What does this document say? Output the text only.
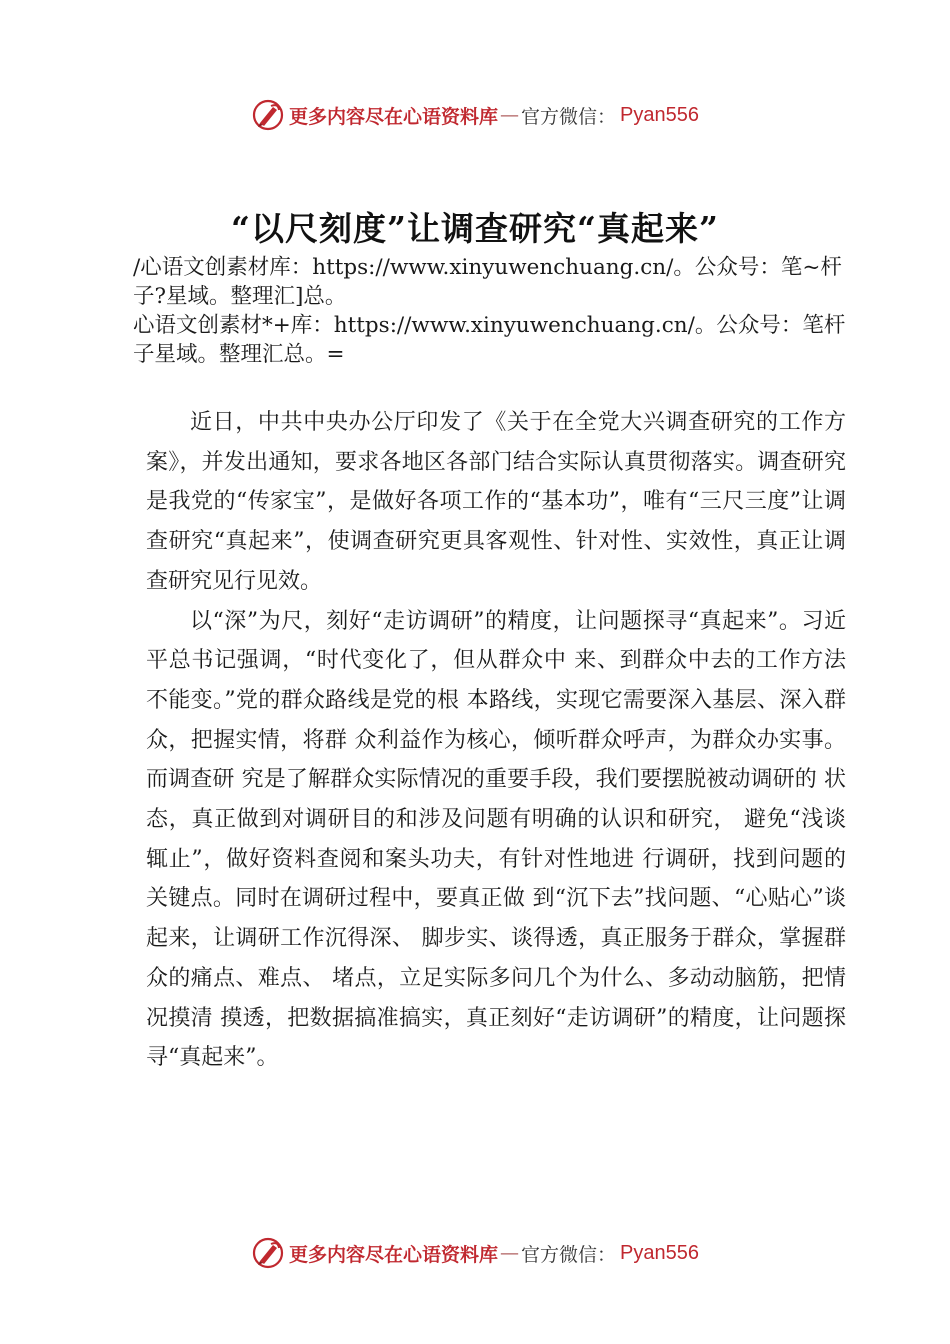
更多内容尽在心语资料库 — 官方微信： Pyan556
“以尺刻度”让调查研究“真起来”
/心语文创素材库：https://www.xinyuwenchuang.cn/。公众号：笔~杆子?星域。整理汇]总。
心语文创素材*+库：https://www.xinyuwenchuang.cn/。公众号：笔杆子星域。整理汇总。=

近日，中共中央办公厅印发了《关于在全党大兴调查研究的工作方案》，并发出通知，要求各地区各部门结合实际认真贯彻落实。调查研究是我党的“传家宝”，是做好各项工作的“基本功”，唯有“三尺三度”让调查研究“真起来”，使调查研究更具客观性、针对性、实效性，真正让调查研究见行见效。

以“深”为尺，刻好“走访调研”的精度，让问题探寻“真起来”。习近平总书记强调，“时代变化了，但从群众中 来、到群众中去的工作方法不能变。”党的群众路线是党的根 本路线，实现它需要深入基层、深入群众，把握实情，将群 众利益作为核心，倾听群众呼声，为群众办实事。而调查研 究是了解群众实际情况的重要手段，我们要摆脱被动调研的 状态，真正做到对调研目的和涉及问题有明确的认识和研究， 避免“浅谈辄止”，做好资料查阅和案头功夫，有针对性地进 行调研，找到问题的关键点。同时在调研过程中，要真正做 到“沉下去”找问题、“心贴心”谈起来，让调研工作沉得深、 脚步实、谈得透，真正服务于群众，掌握群众的痛点、难点、 堵点，立足实际多问几个为什么、多动动脑筋，把情况摸清 摸透，把数据搞准搞实，真正刻好“走访调研”的精度，让问题探寻“真起来”。

更多内容尽在心语资料库 — 官方微信： Pyan556
